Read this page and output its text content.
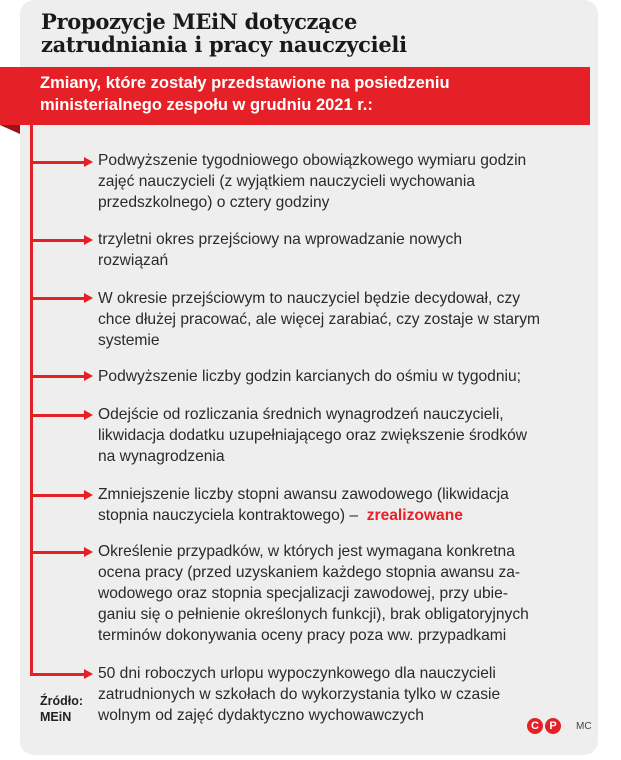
Propozycje MEiN dotyczące
zatrudniania i pracy nauczycieli
Zmiany, które zostały przedstawione na posiedzeniu
ministerialnego zespołu w grudniu 2021 r.:
Podwyższenie tygodniowego obowiązkowego wymiaru godzin
zajęć nauczycieli (z wyjątkiem nauczycieli wychowania
przedszkolnego) o cztery godziny
trzyletni okres przejściowy na wprowadzanie nowych
rozwiązań
W okresie przejściowym to nauczyciel będzie decydował, czy
chce dłużej pracować, ale więcej zarabiać, czy zostaje w starym
systemie
Podwyższenie liczby godzin karcianych do ośmiu w tygodniu;
Odejście od rozliczania średnich wynagrodzeń nauczycieli,
likwidacja dodatku uzupełniającego oraz zwiększenie środków
na wynagrodzenia
Zmniejszenie liczby stopni awansu zawodowego (likwidacja
stopnia nauczyciela kontraktowego) – zrealizowane
Określenie przypadków, w których jest wymagana konkretna
ocena pracy (przed uzyskaniem każdego stopnia awansu za-
wodowego oraz stopnia specjalizacji zawodowej, przy ubie-
ganiu się o pełnienie określonych funkcji), brak obligatoryjnych
terminów dokonywania oceny pracy poza ww. przypadkami
50 dni roboczych urlopu wypoczynkowego dla nauczycieli
zatrudnionych w szkołach do wykorzystania tylko w czasie
wolnym od zajęć dydaktyczno wychowawczych
Źródło:
MEiN
C P	MC
